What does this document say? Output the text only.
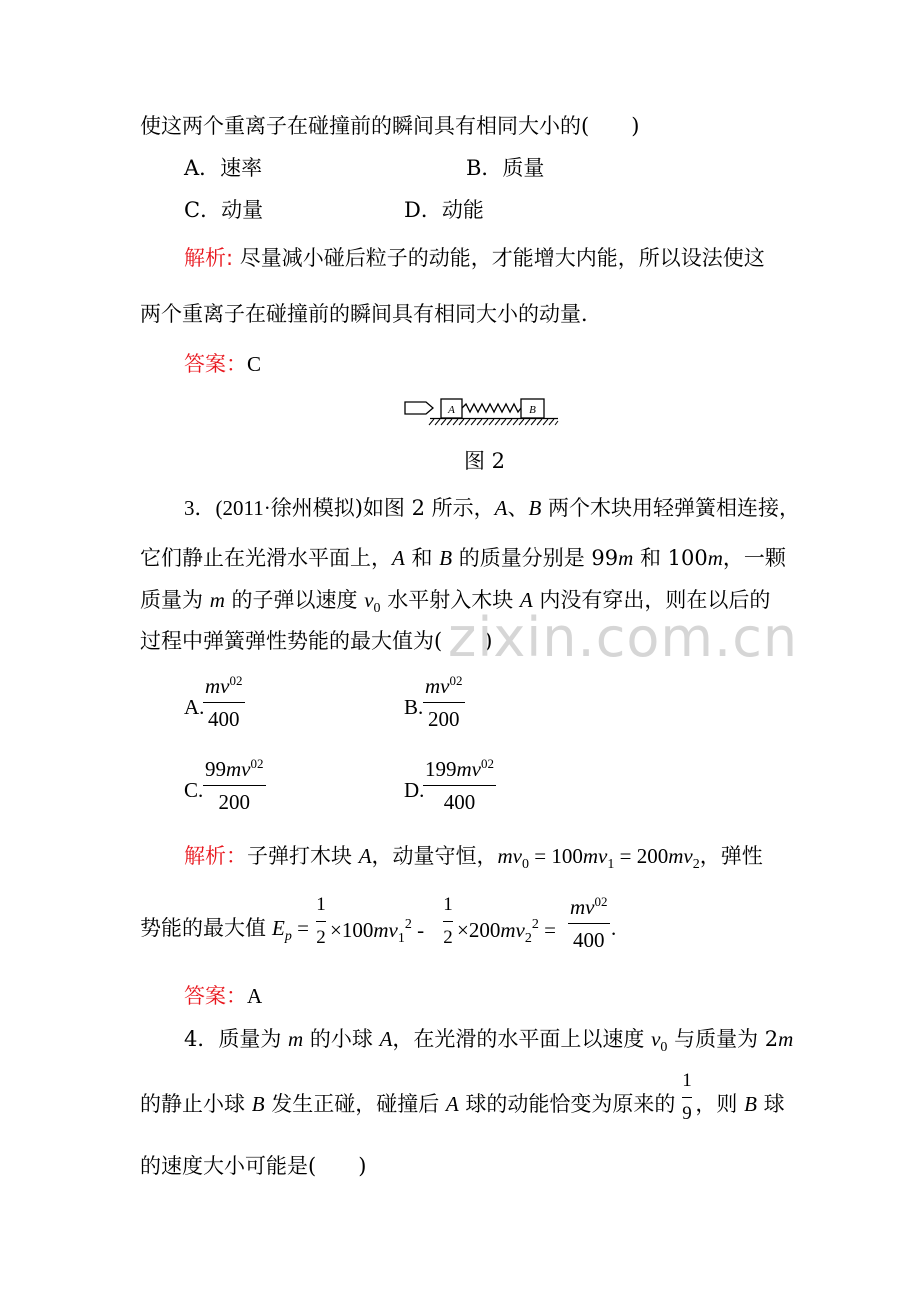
使这两个重离子在碰撞前的瞬间具有相同大小的(　　)
A．速率	B．质量
C．动量	D．动能
解析: 尽量减小碰后粒子的动能，才能增大内能，所以设法使这
两个重离子在碰撞前的瞬间具有相同大小的动量．
答案：C
A	B
图 2
3．(2011·徐州模拟)如图 2 所示，A、B 两个木块用轻弹簧相连接，
它们静止在光滑水平面上，A 和 B 的质量分别是 99m 和 100m，一颗
质量为 m 的子弹以速度 $v_0$ 水平射入木块 A 内没有穿出，则在以后的
过程中弹簧弹性势能的最大值为(　　)
zixin.com.cn
A.
$mv^{02}$
400	B.
$mv^{02}$
200
C.
$99mv^{02}$
200	D.
$199mv^{02}$
400
解析：子弹打木块 A，动量守恒，$mv_0 = 100mv_1 = 200mv_2$，弹性
势能的最大值 $E_p$ =
1
$2 \times 100mv_1^2$ -
1
$2 \times 200mv_2^2$ =
$mv^{02}$
400 .
答案：A
4．质量为 m 的小球 A，在光滑的水平面上以速度 $v_0$ 与质量为 2m
的静止小球 B 发生正碰，碰撞后 A 球的动能恰变为原来的 ，则 B 球
1
9
的速度大小可能是(　　)
